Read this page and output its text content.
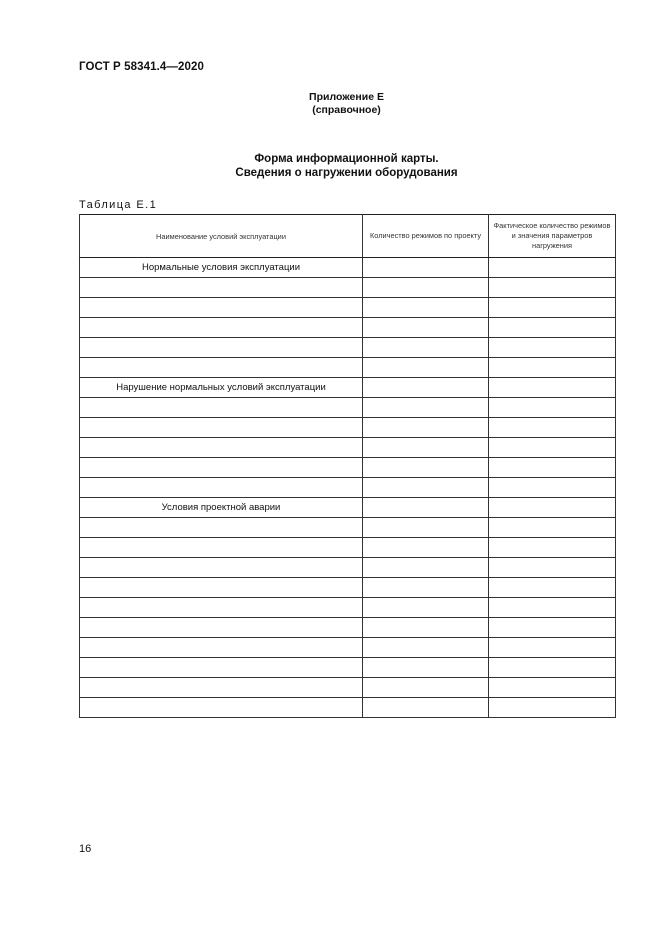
ГОСТ Р 58341.4—2020
Приложение Е
(справочное)
Форма информационной карты.
Сведения о нагружении оборудования
Таблица Е.1
Наименование условий эксплуатации	Количество режимов по проекту	Фактическое количество режимов и значения параметров нагружения
Нормальные условия эксплуатации		

Нарушение нормальных условий эксплуатации		

Условия проектной аварии		

16
